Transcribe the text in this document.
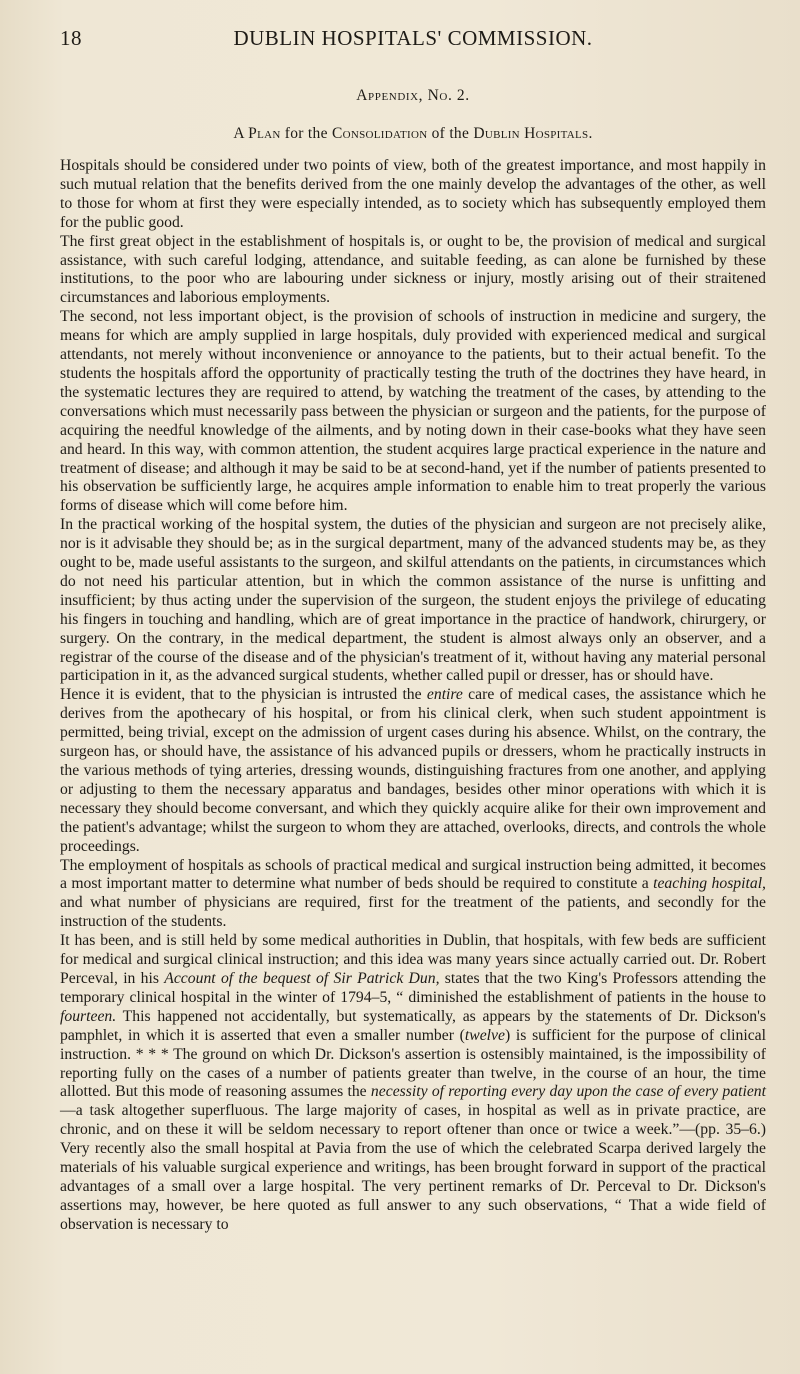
18	DUBLIN HOSPITALS' COMMISSION.
Appendix, No. 2.
A Plan for the Consolidation of the Dublin Hospitals.

Hospitals should be considered under two points of view, both of the greatest importance, and most happily in such mutual relation that the benefits derived from the one mainly develop the advantages of the other, as well to those for whom at first they were especially intended, as to society which has subsequently employed them for the public good.

The first great object in the establishment of hospitals is, or ought to be, the provision of medical and surgical assistance, with such careful lodging, attendance, and suitable feeding, as can alone be furnished by these institutions, to the poor who are labouring under sickness or injury, mostly arising out of their straitened circumstances and laborious employments.

The second, not less important object, is the provision of schools of instruction in medicine and surgery, the means for which are amply supplied in large hospitals, duly provided with experienced medical and surgical attendants, not merely without inconvenience or annoyance to the patients, but to their actual benefit. To the students the hospitals afford the opportunity of practically testing the truth of the doctrines they have heard, in the systematic lectures they are required to attend, by watching the treatment of the cases, by attending to the conversations which must necessarily pass between the physician or surgeon and the patients, for the purpose of acquiring the needful knowledge of the ailments, and by noting down in their case-books what they have seen and heard. In this way, with common attention, the student acquires large practical experience in the nature and treatment of disease; and although it may be said to be at second-hand, yet if the number of patients presented to his observation be sufficiently large, he acquires ample information to enable him to treat properly the various forms of disease which will come before him.

In the practical working of the hospital system, the duties of the physician and surgeon are not precisely alike, nor is it advisable they should be; as in the surgical department, many of the advanced students may be, as they ought to be, made useful assistants to the surgeon, and skilful attendants on the patients, in circumstances which do not need his particular attention, but in which the common assistance of the nurse is unfitting and insufficient; by thus acting under the supervision of the surgeon, the student enjoys the privilege of educating his fingers in touching and handling, which are of great importance in the practice of handwork, chirurgery, or surgery. On the contrary, in the medical department, the student is almost always only an observer, and a registrar of the course of the disease and of the physician's treatment of it, without having any material personal participation in it, as the advanced surgical students, whether called pupil or dresser, has or should have.

Hence it is evident, that to the physician is intrusted the entire care of medical cases, the assistance which he derives from the apothecary of his hospital, or from his clinical clerk, when such student appointment is permitted, being trivial, except on the admission of urgent cases during his absence. Whilst, on the contrary, the surgeon has, or should have, the assistance of his advanced pupils or dressers, whom he practically instructs in the various methods of tying arteries, dressing wounds, distinguishing fractures from one another, and applying or adjusting to them the necessary apparatus and bandages, besides other minor operations with which it is necessary they should become conversant, and which they quickly acquire alike for their own improvement and the patient's advantage; whilst the surgeon to whom they are attached, overlooks, directs, and controls the whole proceedings.

The employment of hospitals as schools of practical medical and surgical instruction being admitted, it becomes a most important matter to determine what number of beds should be required to constitute a teaching hospital, and what number of physicians are required, first for the treatment of the patients, and secondly for the instruction of the students.

It has been, and is still held by some medical authorities in Dublin, that hospitals, with few beds are sufficient for medical and surgical clinical instruction; and this idea was many years since actually carried out. Dr. Robert Perceval, in his Account of the bequest of Sir Patrick Dun, states that the two King's Professors attending the temporary clinical hospital in the winter of 1794–5, “ diminished the establishment of patients in the house to fourteen. This happened not accidentally, but systematically, as appears by the statements of Dr. Dickson's pamphlet, in which it is asserted that even a smaller number (twelve) is sufficient for the purpose of clinical instruction. * * * The ground on which Dr. Dickson's assertion is ostensibly maintained, is the impossibility of reporting fully on the cases of a number of patients greater than twelve, in the course of an hour, the time allotted. But this mode of reasoning assumes the necessity of reporting every day upon the case of every patient—a task altogether superfluous. The large majority of cases, in hospital as well as in private practice, are chronic, and on these it will be seldom necessary to report oftener than once or twice a week.”—(pp. 35–6.) Very recently also the small hospital at Pavia from the use of which the celebrated Scarpa derived largely the materials of his valuable surgical experience and writings, has been brought forward in support of the practical advantages of a small over a large hospital. The very pertinent remarks of Dr. Perceval to Dr. Dickson's assertions may, however, be here quoted as full answer to any such observations, “ That a wide field of observation is necessary to
